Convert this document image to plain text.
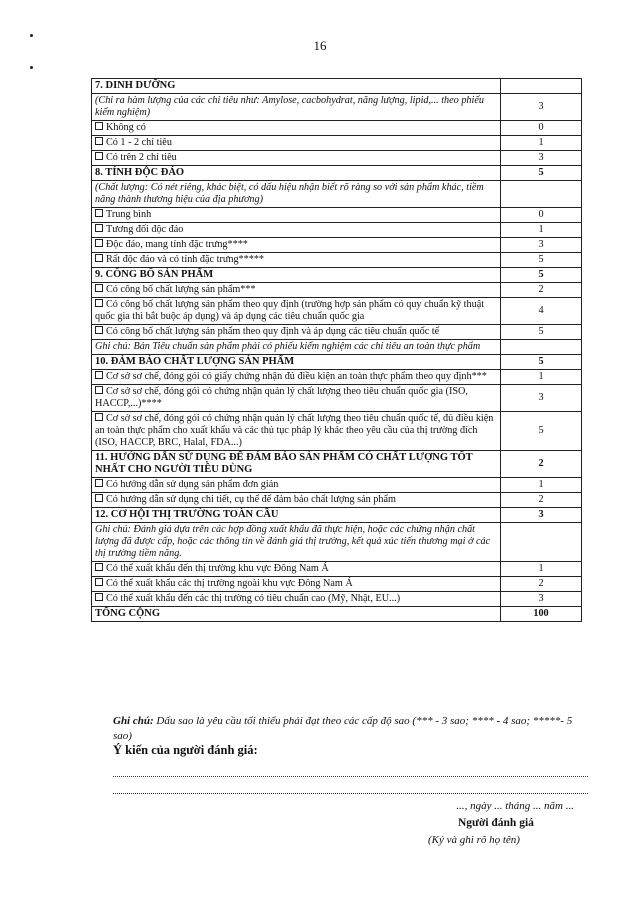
16
7. DINH DƯỠNG	
(Chỉ ra hàm lượng của các chỉ tiêu như: Amylose, cacbohydrat, năng lượng, lipid,... theo phiếu kiểm nghiệm)	3
Không có	0
Có 1 - 2 chỉ tiêu	1
Có trên 2 chỉ tiêu	3
8. TÍNH ĐỘC ĐÁO	5
(Chất lượng: Có nét riêng, khác biệt, có dấu hiệu nhận biết rõ ràng so với sản phẩm khác, tiềm năng thành thương hiệu của địa phương)	
Trung bình	0
Tương đối độc đáo	1
Độc đáo, mang tính đặc trưng****	3
Rất độc đáo và có tính đặc trưng*****	5
9. CÔNG BỐ SẢN PHẨM	5
Có công bố chất lượng sản phẩm***	2
Có công bố chất lượng sản phẩm theo quy định (trường hợp sản phẩm có quy chuẩn kỹ thuật quốc gia thì bắt buộc áp dụng) và áp dụng các tiêu chuẩn quốc gia	4
Có công bố chất lượng sản phẩm theo quy định và áp dụng các tiêu chuẩn quốc tế	5
Ghi chú: Bản Tiêu chuẩn sản phẩm phải có phiếu kiểm nghiệm các chỉ tiêu an toàn thực phẩm	
10. ĐẢM BẢO CHẤT LƯỢNG SẢN PHẨM	5
Cơ sở sơ chế, đóng gói có giấy chứng nhận đủ điều kiện an toàn thực phẩm theo quy định***	1
Cơ sở sơ chế, đóng gói có chứng nhận quản lý chất lượng theo tiêu chuẩn quốc gia (ISO, HACCP,...)****	3
Cơ sở sơ chế, đóng gói có chứng nhận quản lý chất lượng theo tiêu chuẩn quốc tế, đủ điều kiện an toàn thực phẩm cho xuất khẩu và các thủ tục pháp lý khác theo yêu cầu của thị trường đích (ISO, HACCP, BRC, Halal, FDA...)	5
11. HƯỚNG DẪN SỬ DỤNG ĐỂ ĐẢM BẢO SẢN PHẨM CÓ CHẤT LƯỢNG TỐT NHẤT CHO NGƯỜI TIÊU DÙNG	2
Có hướng dẫn sử dụng sản phẩm đơn giản	1
Có hướng dẫn sử dụng chi tiết, cụ thể để đảm bảo chất lượng sản phẩm	2
12. CƠ HỘI THỊ TRƯỜNG TOÀN CẦU	3
Ghi chú: Đánh giá dựa trên các hợp đồng xuất khẩu đã thực hiện, hoặc các chứng nhận chất lượng đã được cấp, hoặc các thông tin về đánh giá thị trường, kết quả xúc tiến thương mại ở các thị trường tiềm năng.	
Có thể xuất khẩu đến thị trường khu vực Đông Nam Á	1
Có thể xuất khẩu các thị trường ngoài khu vực Đông Nam Á	2
Có thể xuất khẩu đến các thị trường có tiêu chuẩn cao (Mỹ, Nhật, EU...)	3
TỔNG CỘNG	100
Ghi chú: Dấu sao là yêu cầu tối thiểu phải đạt theo các cấp độ sao (*** - 3 sao; **** - 4 sao; *****- 5 sao)
Ý kiến của người đánh giá:
..., ngày ... tháng ... năm ...
Người đánh giá
(Ký và ghi rõ họ tên)
